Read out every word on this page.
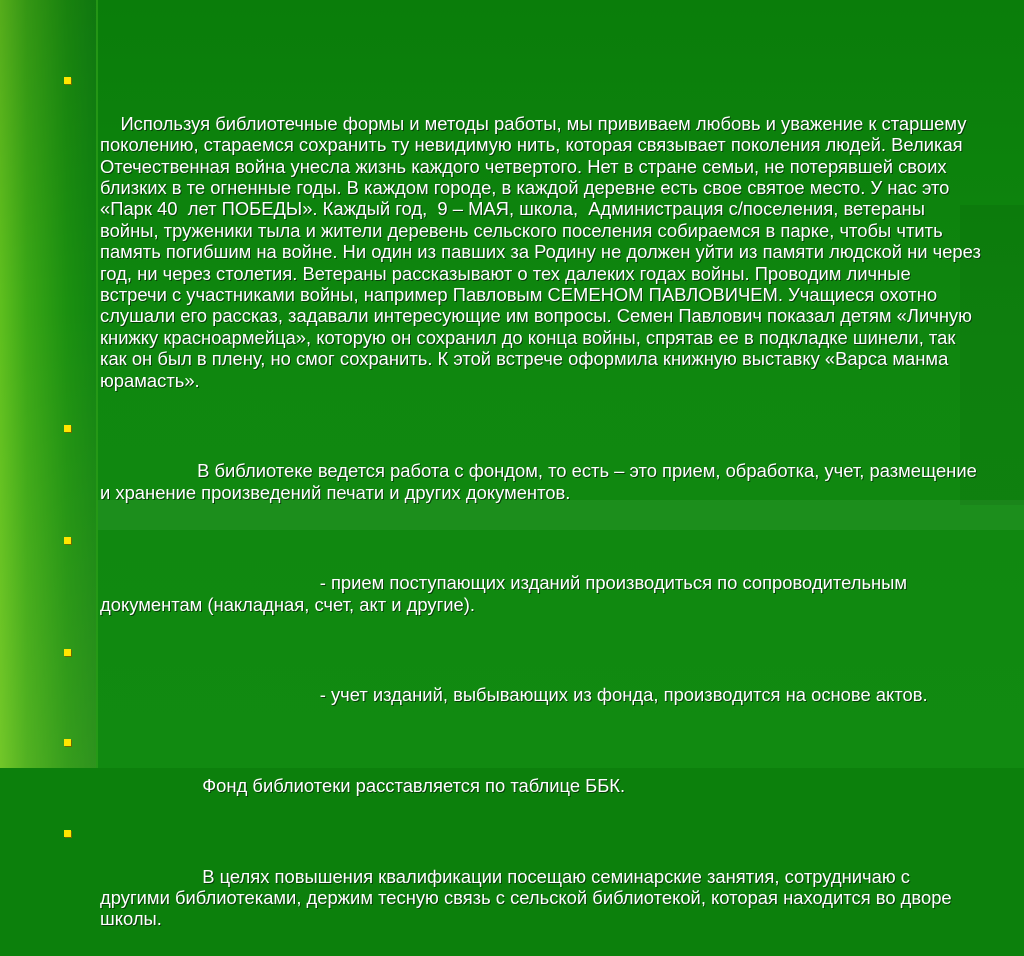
Используя библиотечные формы и методы работы, мы прививаем любовь и уважение к старшему поколению, стараемся сохранить ту невидимую нить, которая связывает поколения людей. Великая Отечественная война унесла жизнь каждого четвертого. Нет в стране семьи, не потерявшей своих близких в те огненные годы. В каждом городе, в каждой деревне есть свое святое место. У нас это «Парк 40  лет ПОБЕДЫ». Каждый год,  9 – МАЯ, школа,  Администрация с/поселения, ветераны войны, труженики тыла и жители деревень сельского поселения собираемся в парке, чтобы чтить память погибшим на войне. Ни один из павших за Родину не должен уйти из памяти людской ни через год, ни через столетия. Ветераны рассказывают о тех далеких годах войны. Проводим личные встречи с участниками войны, например Павловым СЕМЕНОМ ПАВЛОВИЧЕМ. Учащиеся охотно слушали его рассказ, задавали интересующие им вопросы. Семен Павлович показал детям «Личную книжку красноармейца», которую он сохранил до конца войны, спрятав ее в подкладке шинели, так как он был в плену, но смог сохранить. К этой встрече оформила книжную выставку «Варса манма юрамасть».

В библиотеке ведется работа с фондом, то есть – это прием, обработка, учет, размещение и хранение произведений печати и других документов.

- прием поступающих изданий производиться по сопроводительным документам (накладная, счет, акт и другие).

- учет изданий, выбывающих из фонда, производится на основе актов.

Фонд библиотеки расставляется по таблице ББК.

В целях повышения квалификации посещаю семинарские занятия, сотрудничаю с другими библиотеками, держим тесную связь с сельской библиотекой, которая находится во дворе школы.
